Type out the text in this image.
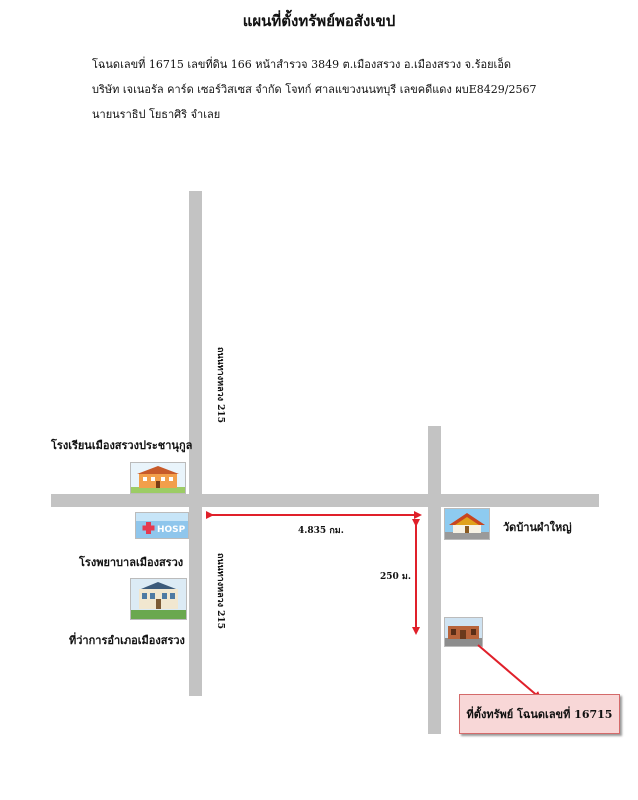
แผนที่ตั้งทรัพย์พอสังเขป
โฉนดเลขที่ 16715 เลขที่ดิน 166 หน้าสำรวจ 3849 ต.เมืองสรวง อ.เมืองสรวง จ.ร้อยเอ็ด
บริษัท เจเนอรัล คาร์ด เซอร์วิสเซส จำกัด โจทก์ ศาลแขวงนนทบุรี เลขคดีแดง ผบE8429/2567
นายนราธิป โยธาศิริ จำเลย
ถนนทางหลวง 215
ถนนทางหลวง 215
โรงเรียนเมืองสรวงประชานุกูล
HOSP
โรงพยาบาลเมืองสรวง
ที่ว่าการอำเภอเมืองสรวง
วัดบ้านผำใหญ่
4.835 กม.
250 ม.
ที่ตั้งทรัพย์ โฉนดเลขที่ 16715
